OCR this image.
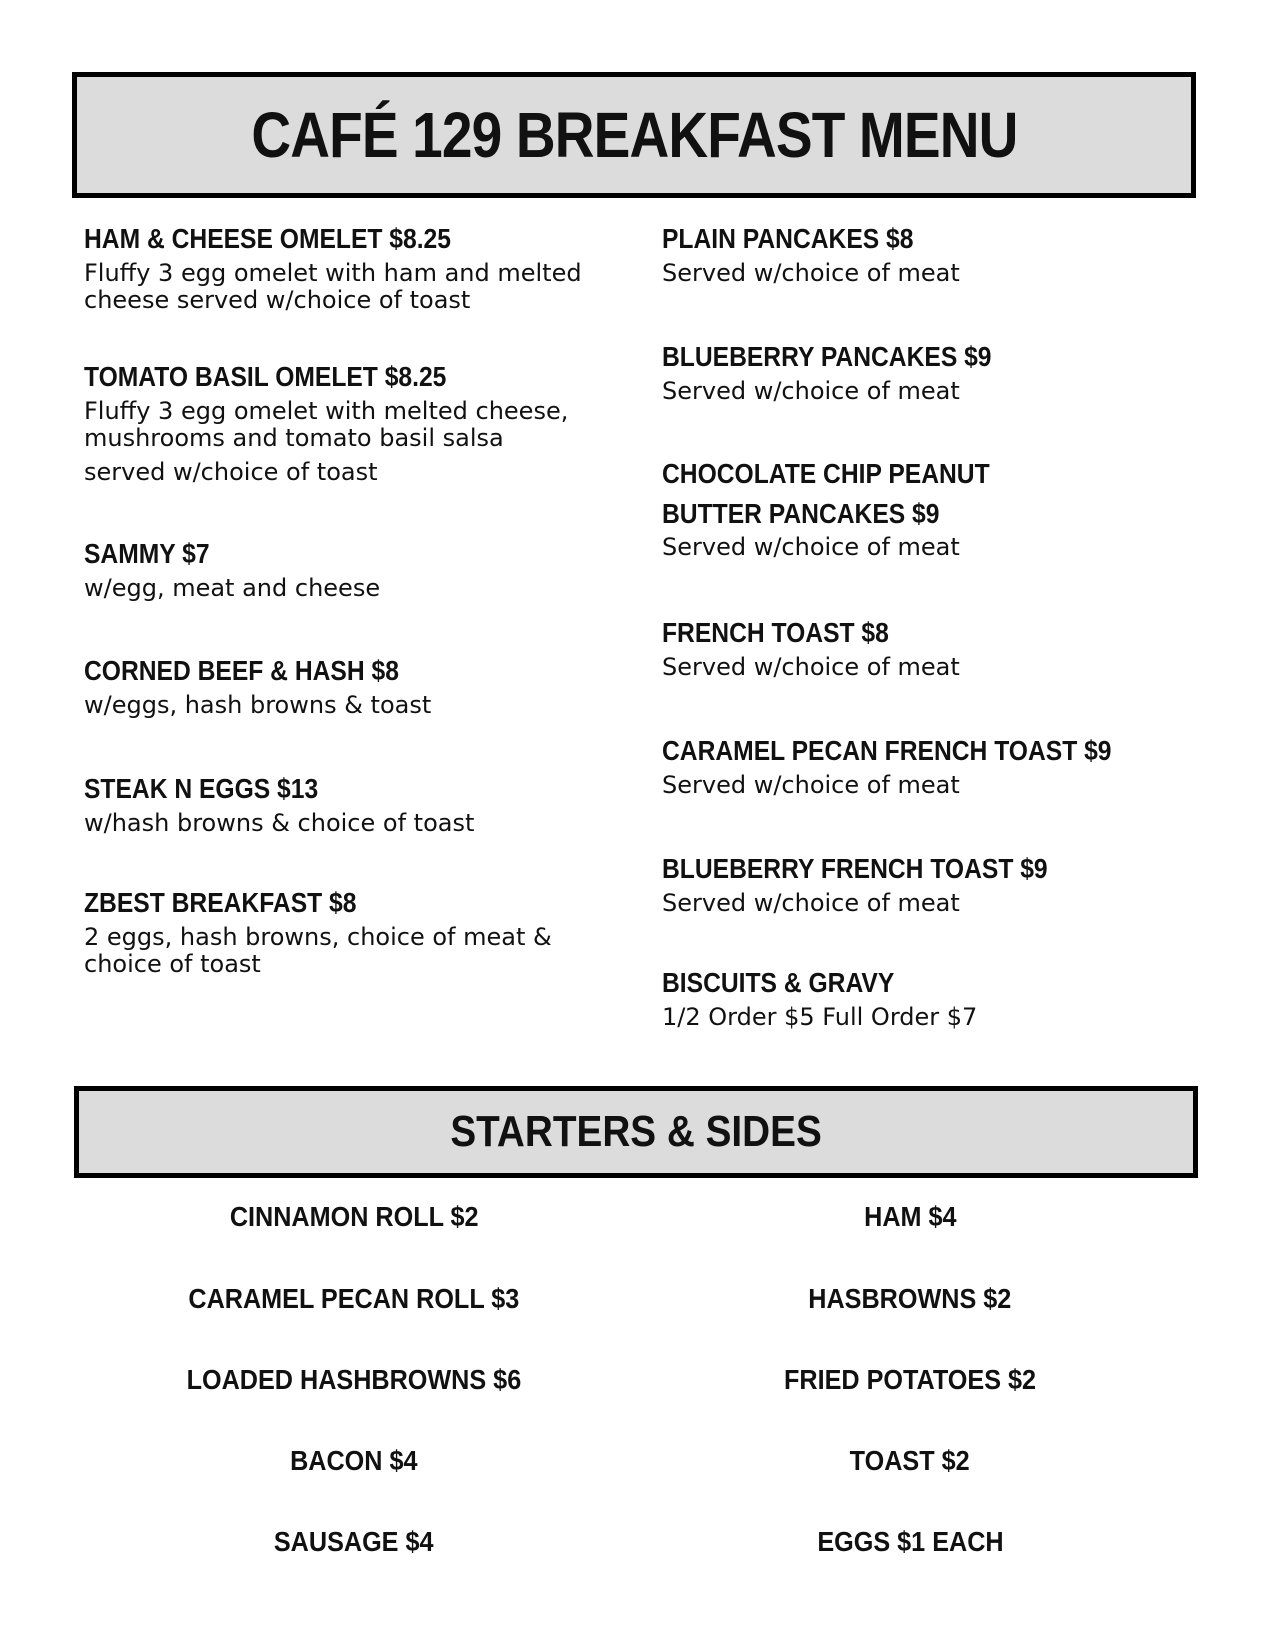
CAFÉ 129 BREAKFAST MENU
HAM & CHEESE OMELET $8.25
Fluffy 3 egg omelet with ham and melted cheese served w/choice of toast
TOMATO BASIL OMELET $8.25
Fluffy 3 egg omelet with melted cheese, mushrooms and tomato basil salsa
served w/choice of toast
SAMMY $7
w/egg, meat and cheese
CORNED BEEF & HASH $8
w/eggs, hash browns & toast
STEAK N EGGS $13
w/hash browns & choice of toast
ZBEST BREAKFAST $8
2 eggs, hash browns, choice of meat & choice of toast
PLAIN PANCAKES $8
Served w/choice of meat
BLUEBERRY PANCAKES $9
Served w/choice of meat
CHOCOLATE CHIP PEANUT
BUTTER PANCAKES $9
Served w/choice of meat
FRENCH TOAST $8
Served w/choice of meat
CARAMEL PECAN FRENCH TOAST $9
Served w/choice of meat
BLUEBERRY FRENCH TOAST $9
Served w/choice of meat
BISCUITS & GRAVY
1/2 Order $5 Full Order $7
STARTERS & SIDES
CINNAMON ROLL $2
CARAMEL PECAN ROLL $3
LOADED HASHBROWNS $6
BACON $4
SAUSAGE $4
HAM $4
HASBROWNS $2
FRIED POTATOES $2
TOAST $2
EGGS $1 EACH
